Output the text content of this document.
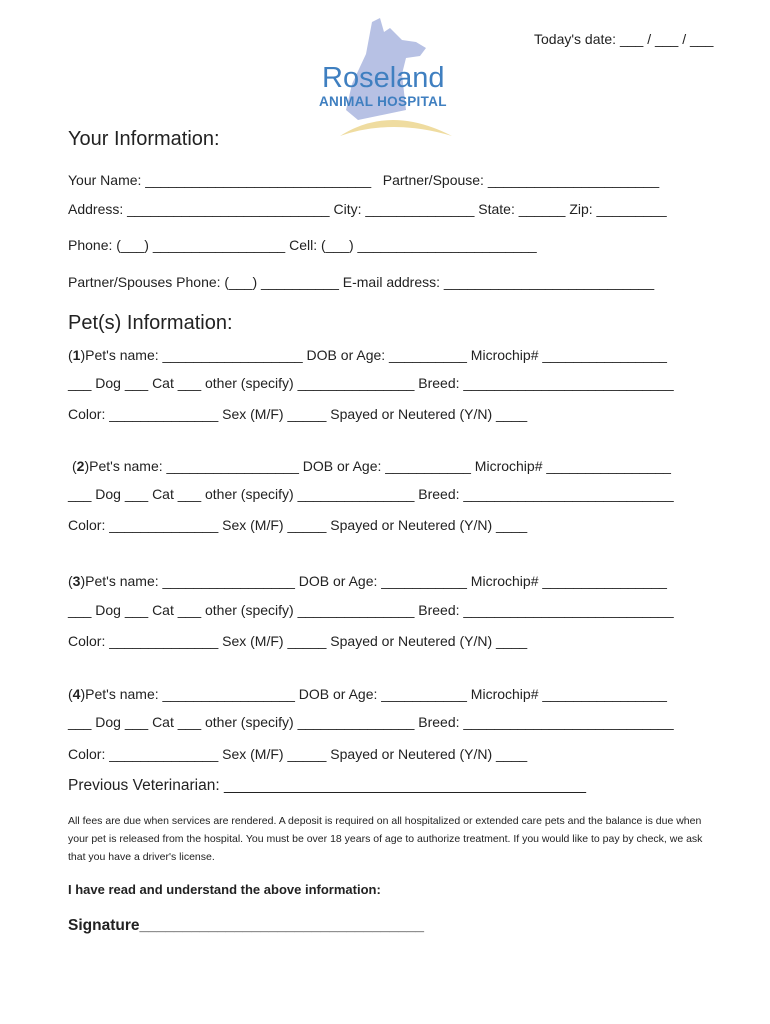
Today's date: ___ / ___ / ___
Roseland
ANIMAL HOSPITAL
Your Information:
Your Name: _____________________________   Partner/Spouse: ______________________
Address: __________________________ City: ______________ State: ______ Zip: _________
Phone: (___) _________________ Cell: (___) _______________________
Partner/Spouses Phone: (___) __________ E-mail address: ___________________________
Pet(s) Information:
(1)Pet's name: __________________ DOB or Age: __________ Microchip# ________________
___ Dog ___ Cat ___ other (specify) _______________ Breed: ___________________________
Color: ______________ Sex (M/F) _____ Spayed or Neutered (Y/N) ____
(2)Pet's name: _________________ DOB or Age: ___________ Microchip# ________________
___ Dog ___ Cat ___ other (specify) _______________ Breed: ___________________________
Color: ______________ Sex (M/F) _____ Spayed or Neutered (Y/N) ____
(3)Pet's name: _________________ DOB or Age: ___________ Microchip# ________________
___ Dog ___ Cat ___ other (specify) _______________ Breed: ___________________________
Color: ______________ Sex (M/F) _____ Spayed or Neutered (Y/N) ____
(4)Pet's name: _________________ DOB or Age: ___________ Microchip# ________________
___ Dog ___ Cat ___ other (specify) _______________ Breed: ___________________________
Color: ______________ Sex (M/F) _____ Spayed or Neutered (Y/N) ____
Previous Veterinarian: __________________________________________
All fees are due when services are rendered. A deposit is required on all hospitalized or extended care pets and the balance is due when your pet is released from the hospital. You must be over 18 years of age to authorize treatment. If you would like to pay by check, we ask that you have a driver's license.
I have read and understand the above information:
Signature_________________________________
